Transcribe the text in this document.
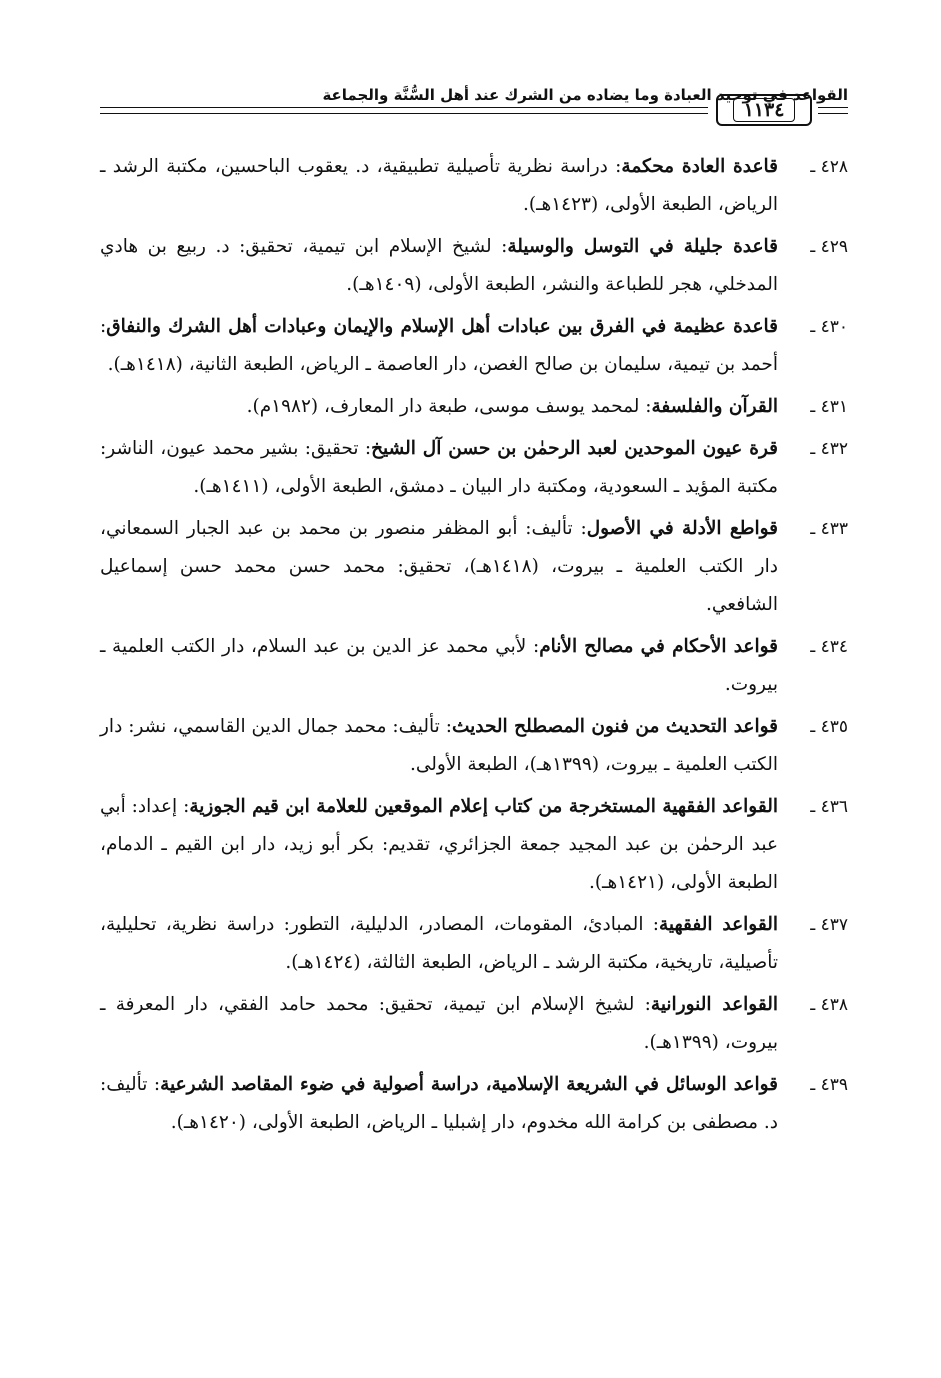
القواعد في توحيد العبادة وما يضاده من الشرك عند أهل السُّنَّة والجماعة
١١٣٤
٤٢٨ ـ
قاعدة العادة محكمة: دراسة نظرية تأصيلية تطبيقية، د. يعقوب الباحسين، مكتبة الرشد ـ الرياض، الطبعة الأولى، (١٤٢٣هـ).
٤٢٩ ـ
قاعدة جليلة في التوسل والوسيلة: لشيخ الإسلام ابن تيمية، تحقيق: د. ربيع بن هادي المدخلي، هجر للطباعة والنشر، الطبعة الأولى، (١٤٠٩هـ).
٤٣٠ ـ
قاعدة عظيمة في الفرق بين عبادات أهل الإسلام والإيمان وعبادات أهل الشرك والنفاق: أحمد بن تيمية، سليمان بن صالح الغصن، دار العاصمة ـ الرياض، الطبعة الثانية، (١٤١٨هـ).
٤٣١ ـ
القرآن والفلسفة: لمحمد يوسف موسى، طبعة دار المعارف، (١٩٨٢م).
٤٣٢ ـ
قرة عيون الموحدين لعبد الرحمٰن بن حسن آل الشيخ: تحقيق: بشير محمد عيون، الناشر: مكتبة المؤيد ـ السعودية، ومكتبة دار البيان ـ دمشق، الطبعة الأولى، (١٤١١هـ).
٤٣٣ ـ
قواطع الأدلة في الأصول: تأليف: أبو المظفر منصور بن محمد بن عبد الجبار السمعاني، دار الكتب العلمية ـ بيروت، (١٤١٨هـ)، تحقيق: محمد حسن محمد حسن إسماعيل الشافعي.
٤٣٤ ـ
قواعد الأحكام في مصالح الأنام: لأبي محمد عز الدين بن عبد السلام، دار الكتب العلمية ـ بيروت.
٤٣٥ ـ
قواعد التحديث من فنون المصطلح الحديث: تأليف: محمد جمال الدين القاسمي، نشر: دار الكتب العلمية ـ بيروت، (١٣٩٩هـ)، الطبعة الأولى.
٤٣٦ ـ
القواعد الفقهية المستخرجة من كتاب إعلام الموقعين للعلامة ابن قيم الجوزية: إعداد: أبي عبد الرحمٰن بن عبد المجيد جمعة الجزائري، تقديم: بكر أبو زيد، دار ابن القيم ـ الدمام، الطبعة الأولى، (١٤٢١هـ).
٤٣٧ ـ
القواعد الفقهية: المبادئ، المقومات، المصادر، الدليلية، التطور: دراسة نظرية، تحليلية، تأصيلية، تاريخية، مكتبة الرشد ـ الرياض، الطبعة الثالثة، (١٤٢٤هـ).
٤٣٨ ـ
القواعد النورانية: لشيخ الإسلام ابن تيمية، تحقيق: محمد حامد الفقي، دار المعرفة ـ بيروت، (١٣٩٩هـ).
٤٣٩ ـ
قواعد الوسائل في الشريعة الإسلامية، دراسة أصولية في ضوء المقاصد الشرعية: تأليف: د. مصطفى بن كرامة الله مخدوم، دار إشبليا ـ الرياض، الطبعة الأولى، (١٤٢٠هـ).
